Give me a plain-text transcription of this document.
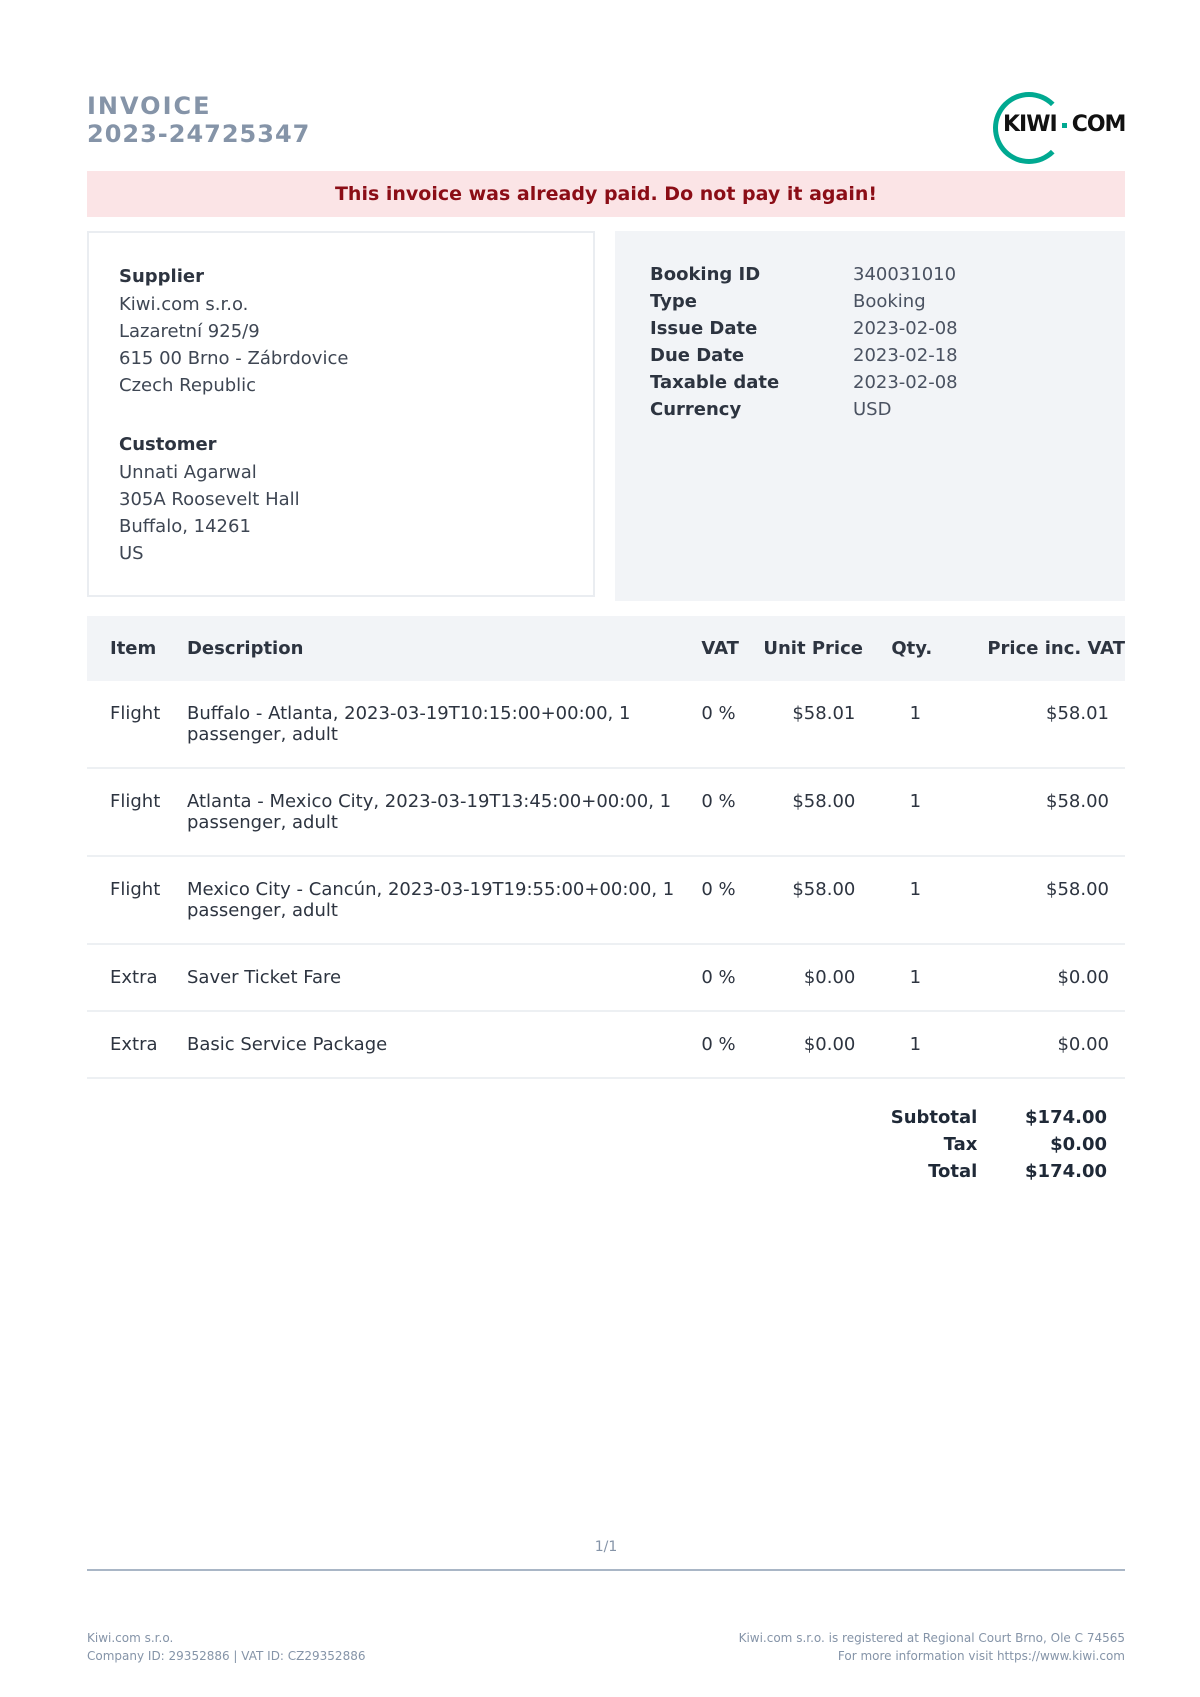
INVOICE
2023-24725347	KIWI COM
This invoice was already paid. Do not pay it again!
Supplier
Kiwi.com s.r.o.
Lazaretní 925/9
615 00 Brno - Zábrdovice
Czech Republic
Customer
Unnati Agarwal
305A Roosevelt Hall
Buffalo, 14261
US
Booking ID	340031010
Type	Booking
Issue Date	2023-02-08
Due Date	2023-02-18
Taxable date	2023-02-08
Currency	USD
Item	Description	VAT	Unit Price	Qty.	Price inc. VAT
Flight	Buffalo - Atlanta, 2023-03-19T10:15:00+00:00, 1 passenger, adult	0 %	$58.01	1	$58.01
Flight	Atlanta - Mexico City, 2023-03-19T13:45:00+00:00, 1 passenger, adult	0 %	$58.00	1	$58.00
Flight	Mexico City - Cancún, 2023-03-19T19:55:00+00:00, 1 passenger, adult	0 %	$58.00	1	$58.00
Extra	Saver Ticket Fare	0 %	$0.00	1	$0.00
Extra	Basic Service Package	0 %	$0.00	1	$0.00
Subtotal	$174.00
Tax	$0.00
Total	$174.00
1/1
Kiwi.com s.r.o.
Company ID: 29352886 | VAT ID: CZ29352886
Kiwi.com s.r.o. is registered at Regional Court Brno, Ole C 74565
For more information visit https://www.kiwi.com
